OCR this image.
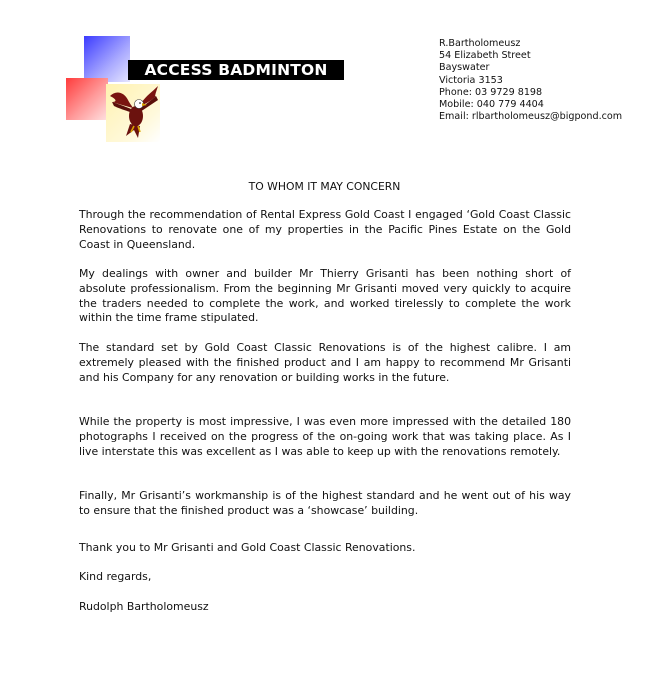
ACCESS BADMINTON
R.Bartholomeusz
54 Elizabeth Street
Bayswater
Victoria 3153
Phone: 03 9729 8198
Mobile: 040 779 4404
Email: rlbartholomeusz@bigpond.com
TO WHOM IT MAY CONCERN

Through the recommendation of Rental Express Gold Coast I engaged ‘Gold Coast Classic Renovations to renovate one of my properties in the Pacific Pines Estate on the Gold Coast in Queensland.

My dealings with owner and builder Mr Thierry Grisanti has been nothing short of absolute professionalism. From the beginning Mr Grisanti moved very quickly to acquire the traders needed to complete the work, and worked tirelessly to complete the work within the time frame stipulated.

The standard set by Gold Coast Classic Renovations is of the highest calibre. I am extremely pleased with the finished product and I am happy to recommend Mr Grisanti and his Company for any renovation or building works in the future.

While the property is most impressive, I was even more impressed with the detailed 180 photographs I received on the progress of the on-going work that was taking place. As I live interstate this was excellent as I was able to keep up with the renovations remotely.

Finally, Mr Grisanti’s workmanship is of the highest standard and he went out of his way to ensure that the finished product was a ‘showcase’ building.

Thank you to Mr Grisanti and Gold Coast Classic Renovations.

Kind regards,
Rudolph Bartholomeusz
